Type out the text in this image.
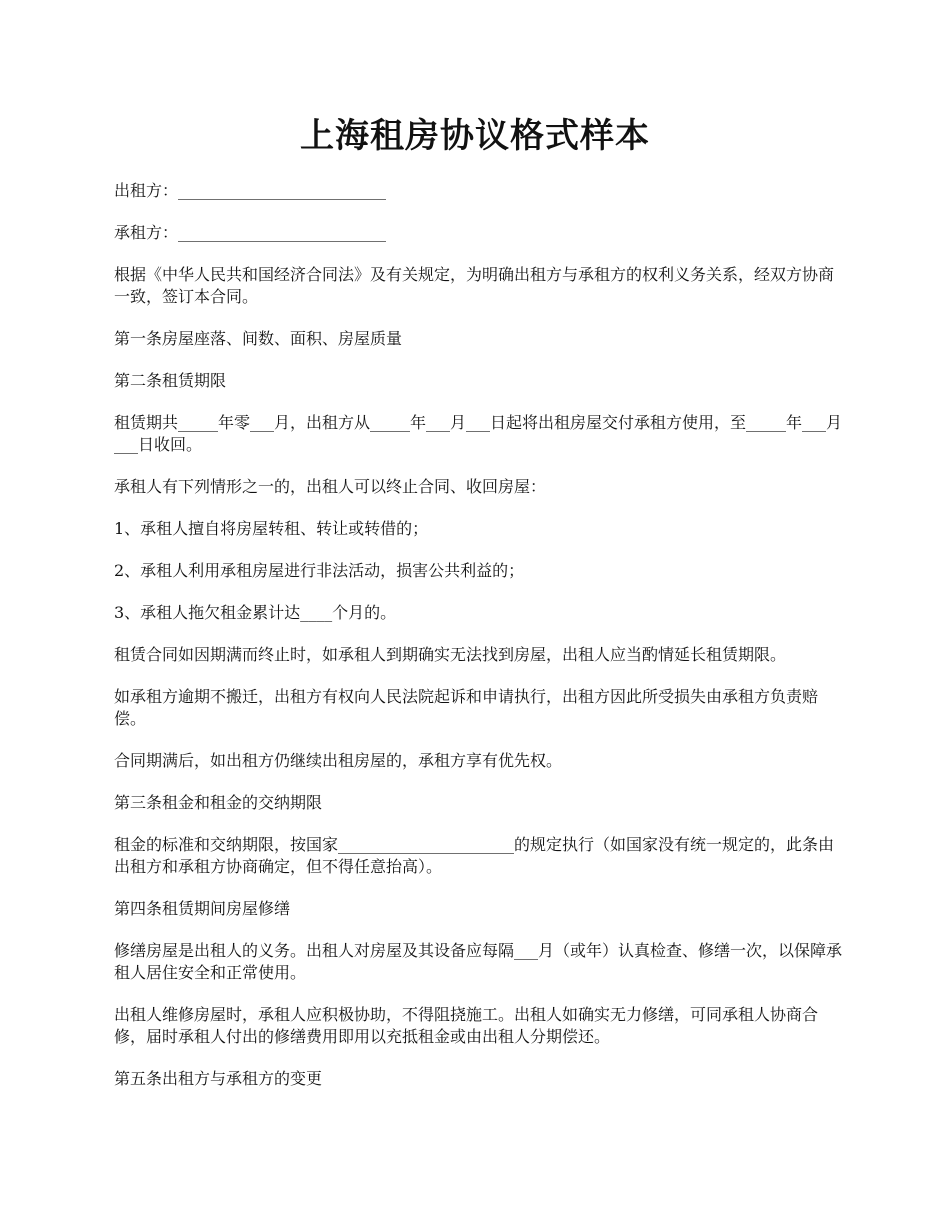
上海租房协议格式样本

出租方：__________________________

承租方：__________________________

根据《中华人民共和国经济合同法》及有关规定，为明确出租方与承租方的权利义务关系，经双方协商一致，签订本合同。

第一条房屋座落、间数、面积、房屋质量

第二条租赁期限

租赁期共_____年零___月，出租方从_____年___月___日起将出租房屋交付承租方使用，至_____年___月___日收回。

承租人有下列情形之一的，出租人可以终止合同、收回房屋：

1、承租人擅自将房屋转租、转让或转借的；

2、承租人利用承租房屋进行非法活动，损害公共利益的；

3、承租人拖欠租金累计达____个月的。

租赁合同如因期满而终止时，如承租人到期确实无法找到房屋，出租人应当酌情延长租赁期限。

如承租方逾期不搬迁，出租方有权向人民法院起诉和申请执行，出租方因此所受损失由承租方负责赔偿。

合同期满后，如出租方仍继续出租房屋的，承租方享有优先权。

第三条租金和租金的交纳期限

租金的标准和交纳期限，按国家______________________的规定执行（如国家没有统一规定的，此条由出租方和承租方协商确定，但不得任意抬高）。

第四条租赁期间房屋修缮

修缮房屋是出租人的义务。出租人对房屋及其设备应每隔___月（或年）认真检查、修缮一次，以保障承租人居住安全和正常使用。

出租人维修房屋时，承租人应积极协助，不得阻挠施工。出租人如确实无力修缮，可同承租人协商合修，届时承租人付出的修缮费用即用以充抵租金或由出租人分期偿还。

第五条出租方与承租方的变更
